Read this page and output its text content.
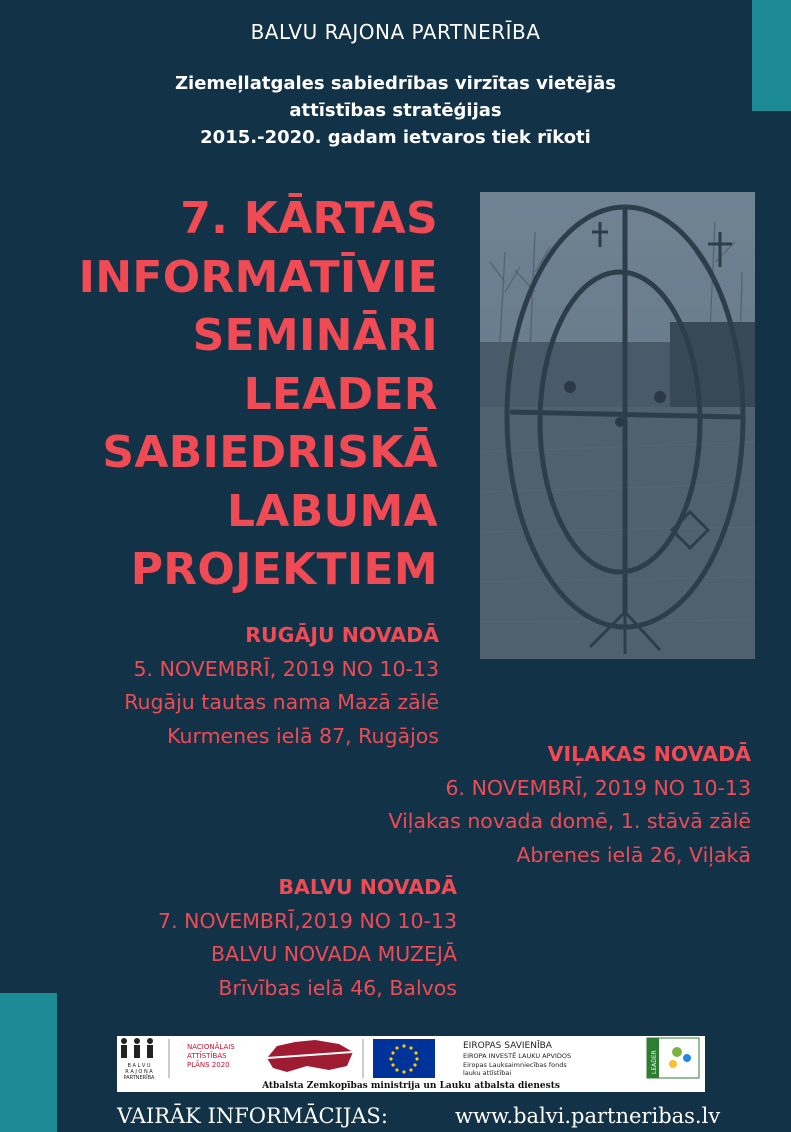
BALVU RAJONA PARTNERĪBA
Ziemeļlatgales sabiedrības virzītas vietējās
attīstības stratēģijas
2015.-2020. gadam ietvaros tiek rīkoti
7. KĀRTAS
INFORMATĪVIE
SEMINĀRI
LEADER
SABIEDRISKĀ
LABUMA
PROJEKTIEM
RUGĀJU NOVADĀ
5. NOVEMBRĪ, 2019 NO 10-13
Rugāju tautas nama Mazā zālē
Kurmenes ielā 87, Rugājos
VIĻAKAS NOVADĀ
6. NOVEMBRĪ, 2019 NO 10-13
Viļakas novada domē, 1. stāvā zālē
Abrenes ielā 26, Viļakā
BALVU NOVADĀ
7. NOVEMBRĪ,2019 NO 10-13
BALVU NOVADA MUZEJĀ
Brīvības ielā 46, Balvos
B A L V U
R A J O N A
PARTNERĪBA
NACIONĀLAIS
ATTĪSTĪBAS
PLĀNS 2020
EIROPAS SAVIENĪBA
EIROPA INVESTĒ LAUKU APVIDOS
Eiropas Lauksaimniecības fonds
lauku attīstībai	LEADER
Atbalsta Zemkopības ministrija un Lauku atbalsta dienests
VAIRĀK INFORMĀCIJAS:	www.balvi.partneribas.lv
